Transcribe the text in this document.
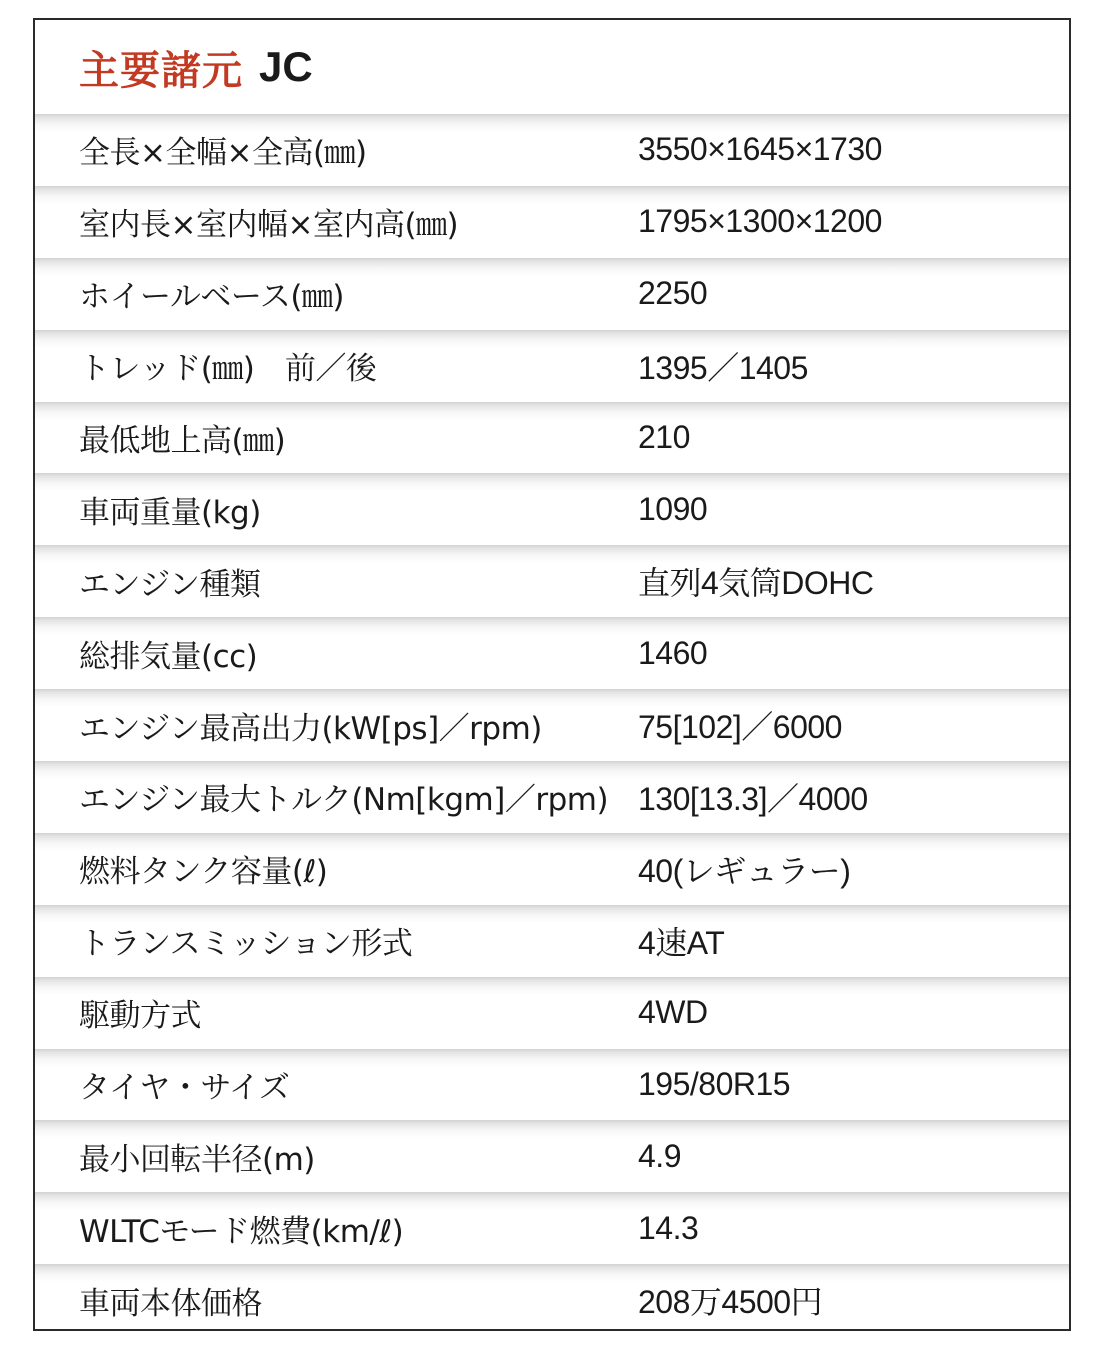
主要諸元 JC
全長×全幅×全高(㎜)	3550×1645×1730
室内長×室内幅×室内高(㎜)	1795×1300×1200
ホイールベース(㎜)	2250
トレッド(㎜)　前／後	1395／1405
最低地上高(㎜)	210
車両重量(kg)	1090
エンジン種類	直列4気筒DOHC
総排気量(cc)	1460
エンジン最高出力(kW[ps]／rpm)	75[102]／6000
エンジン最大トルク(Nm[kgm]／rpm) 130[13.3]／4000
燃料タンク容量(ℓ)	40(レギュラー)
トランスミッション形式	4速AT
駆動方式	4WD
タイヤ・サイズ	195/80R15
最小回転半径(m)	4.9
WLTCモード燃費(km/ℓ)	14.3
車両本体価格	208万4500円
